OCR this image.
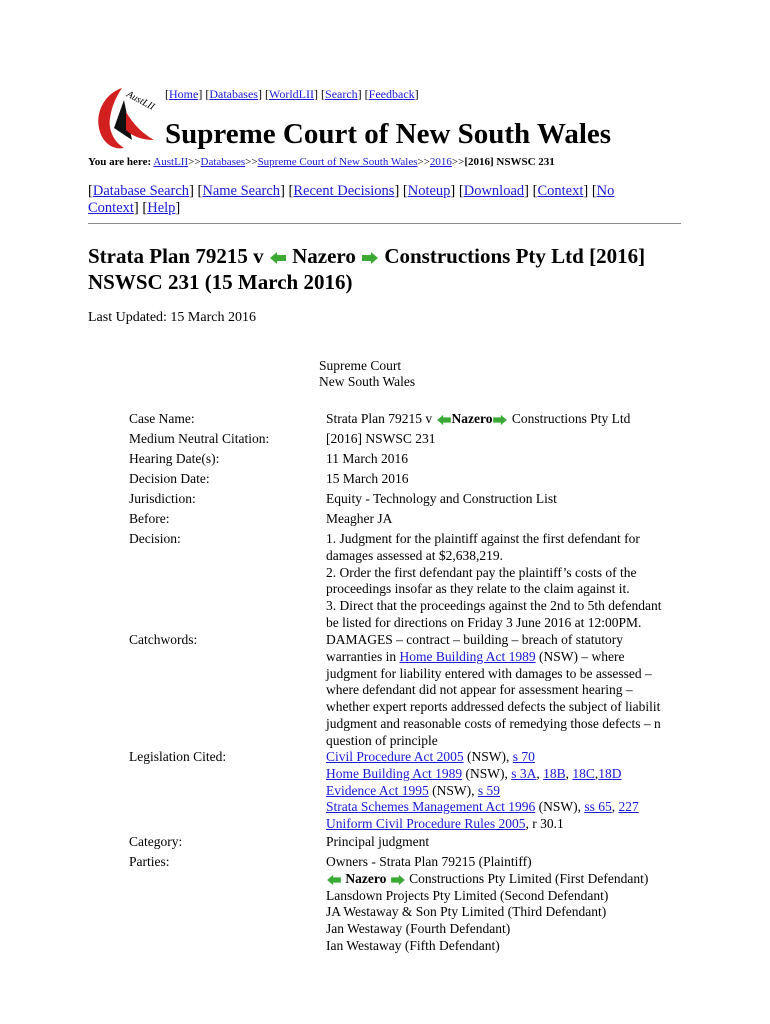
AustLII [Home] [Databases] [WorldLII] [Search] [Feedback]
Supreme Court of New South Wales
You are here: AustLII>>Databases>>Supreme Court of New South Wales>>2016>>[2016] NSWSC 231
[Database Search] [Name Search] [Recent Decisions] [Noteup] [Download] [Context] [No Context] [Help]
Strata Plan 79215 v Nazero Constructions Pty Ltd [2016]
NSWSC 231 (15 March 2016)
Last Updated: 15 March 2016
Supreme Court
New South Wales
Case Name:
Medium Neutral Citation:
Hearing Date(s):
Decision Date:
Jurisdiction:
Before:
Decision:
Catchwords:
Legislation Cited:
Category:
Parties:
Strata Plan 79215 v Nazero Constructions Pty Ltd
[2016] NSWSC 231
11 March 2016
15 March 2016
Equity - Technology and Construction List
Meagher JA
1. Judgment for the plaintiff against the first defendant for
damages assessed at $2,638,219.
2. Order the first defendant pay the plaintiff’s costs of the
proceedings insofar as they relate to the claim against it.
3. Direct that the proceedings against the 2nd to 5th defendant
be listed for directions on Friday 3 June 2016 at 12:00PM.
DAMAGES – contract – building – breach of statutory
warranties in Home Building Act 1989 (NSW) – where
judgment for liability entered with damages to be assessed –
where defendant did not appear for assessment hearing –
whether expert reports addressed defects the subject of liabilit
judgment and reasonable costs of remedying those defects – n
question of principle
Civil Procedure Act 2005 (NSW), s 70
Home Building Act 1989 (NSW), s 3A, 18B, 18C,18D
Evidence Act 1995 (NSW), s 59
Strata Schemes Management Act 1996 (NSW), ss 65, 227
Uniform Civil Procedure Rules 2005, r 30.1
Principal judgment
Owners - Strata Plan 79215 (Plaintiff)
Nazero Constructions Pty Limited (First Defendant)
Lansdown Projects Pty Limited (Second Defendant)
JA Westaway & Son Pty Limited (Third Defendant)
Jan Westaway (Fourth Defendant)
Ian Westaway (Fifth Defendant)
